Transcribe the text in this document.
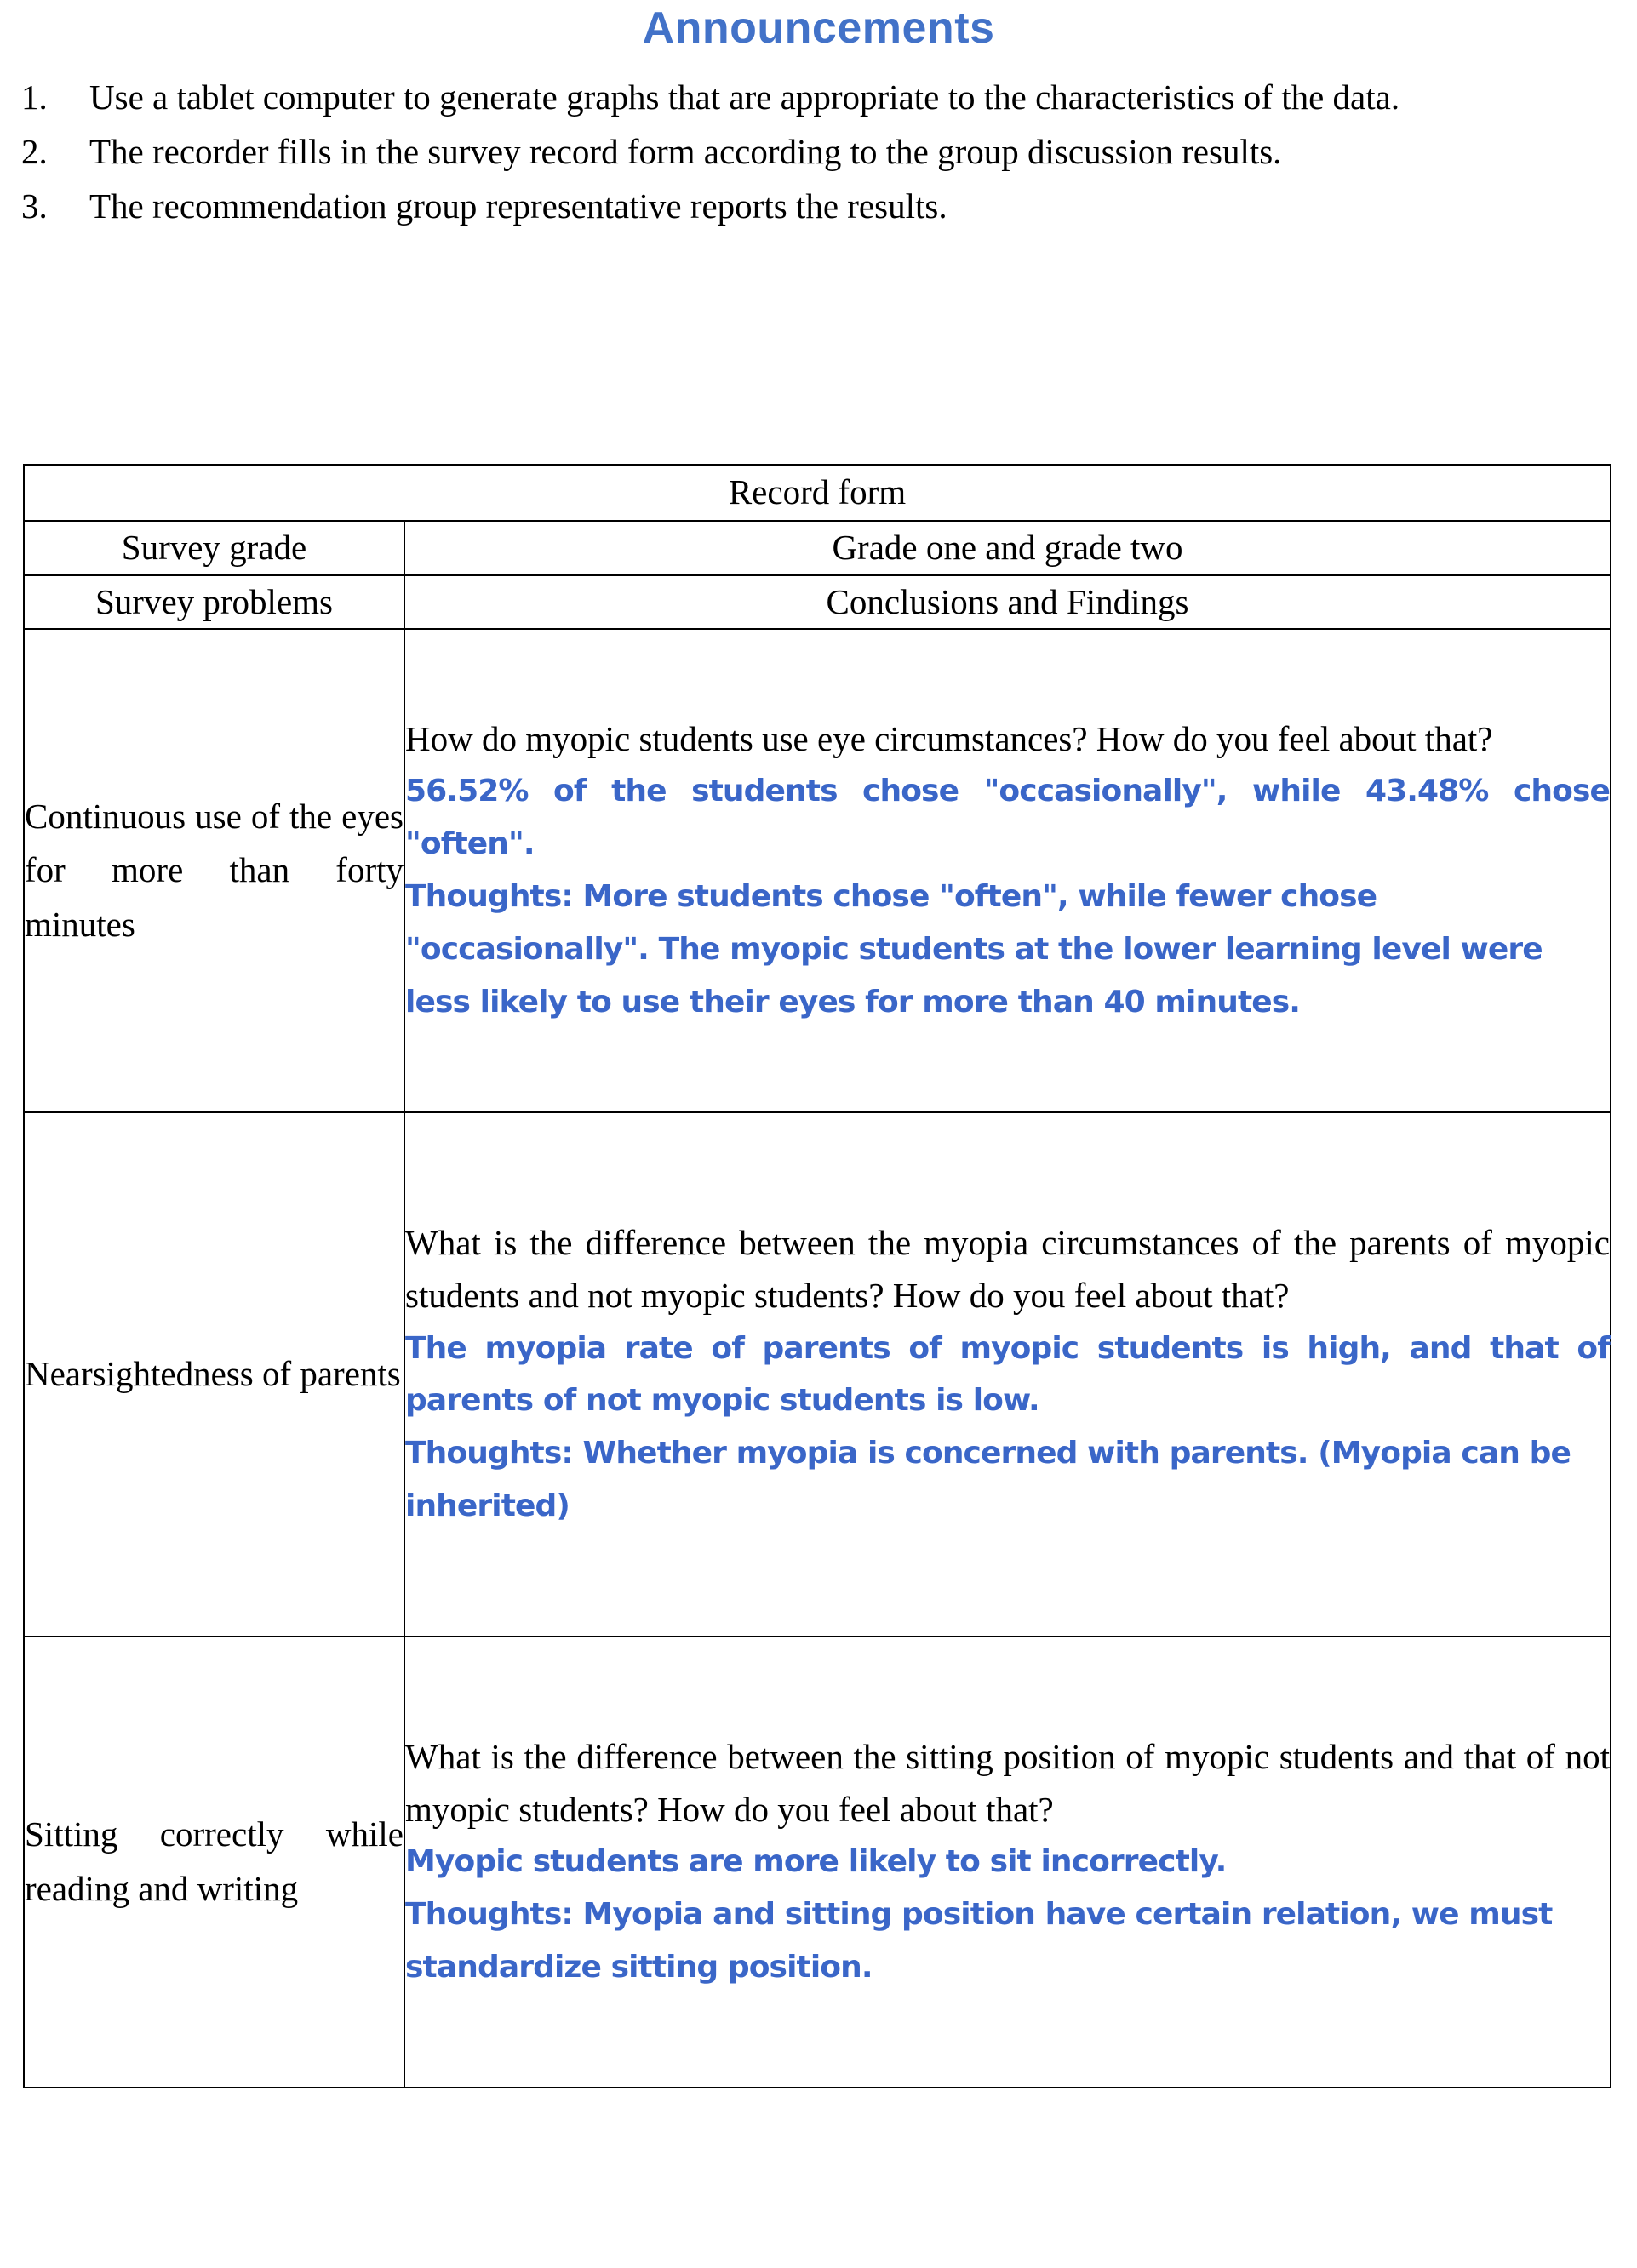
Announcements
1.	Use a tablet computer to generate graphs that are appropriate to the characteristics of the data.
2.	The recorder fills in the survey record form according to the group discussion results.
3.	The recommendation group representative reports the results.
Record form	
Survey grade	Grade one and grade two
Survey problems	Conclusions and Findings

Continuous use of the eyes for more than forty minutes	How do myopic students use eye circumstances? How do you feel about that?

56.52% of the students chose "occasionally", while 43.48% chose "often".

Thoughts: More students chose "often", while fewer chose "occasionally". The myopic students at the lower learning level were less likely to use their eyes for more than 40 minutes.

Nearsightedness of parents	What is the difference between the myopia circumstances of the parents of myopic students and not myopic students? How do you feel about that?

The myopia rate of parents of myopic students is high, and that of parents of not myopic students is low.

Thoughts: Whether myopia is concerned with parents. (Myopia can be inherited)

Sitting correctly while reading and writing	What is the difference between the sitting position of myopic students and that of not myopic students? How do you feel about that?

Myopic students are more likely to sit incorrectly.

Thoughts: Myopia and sitting position have certain relation, we must standardize sitting position.
